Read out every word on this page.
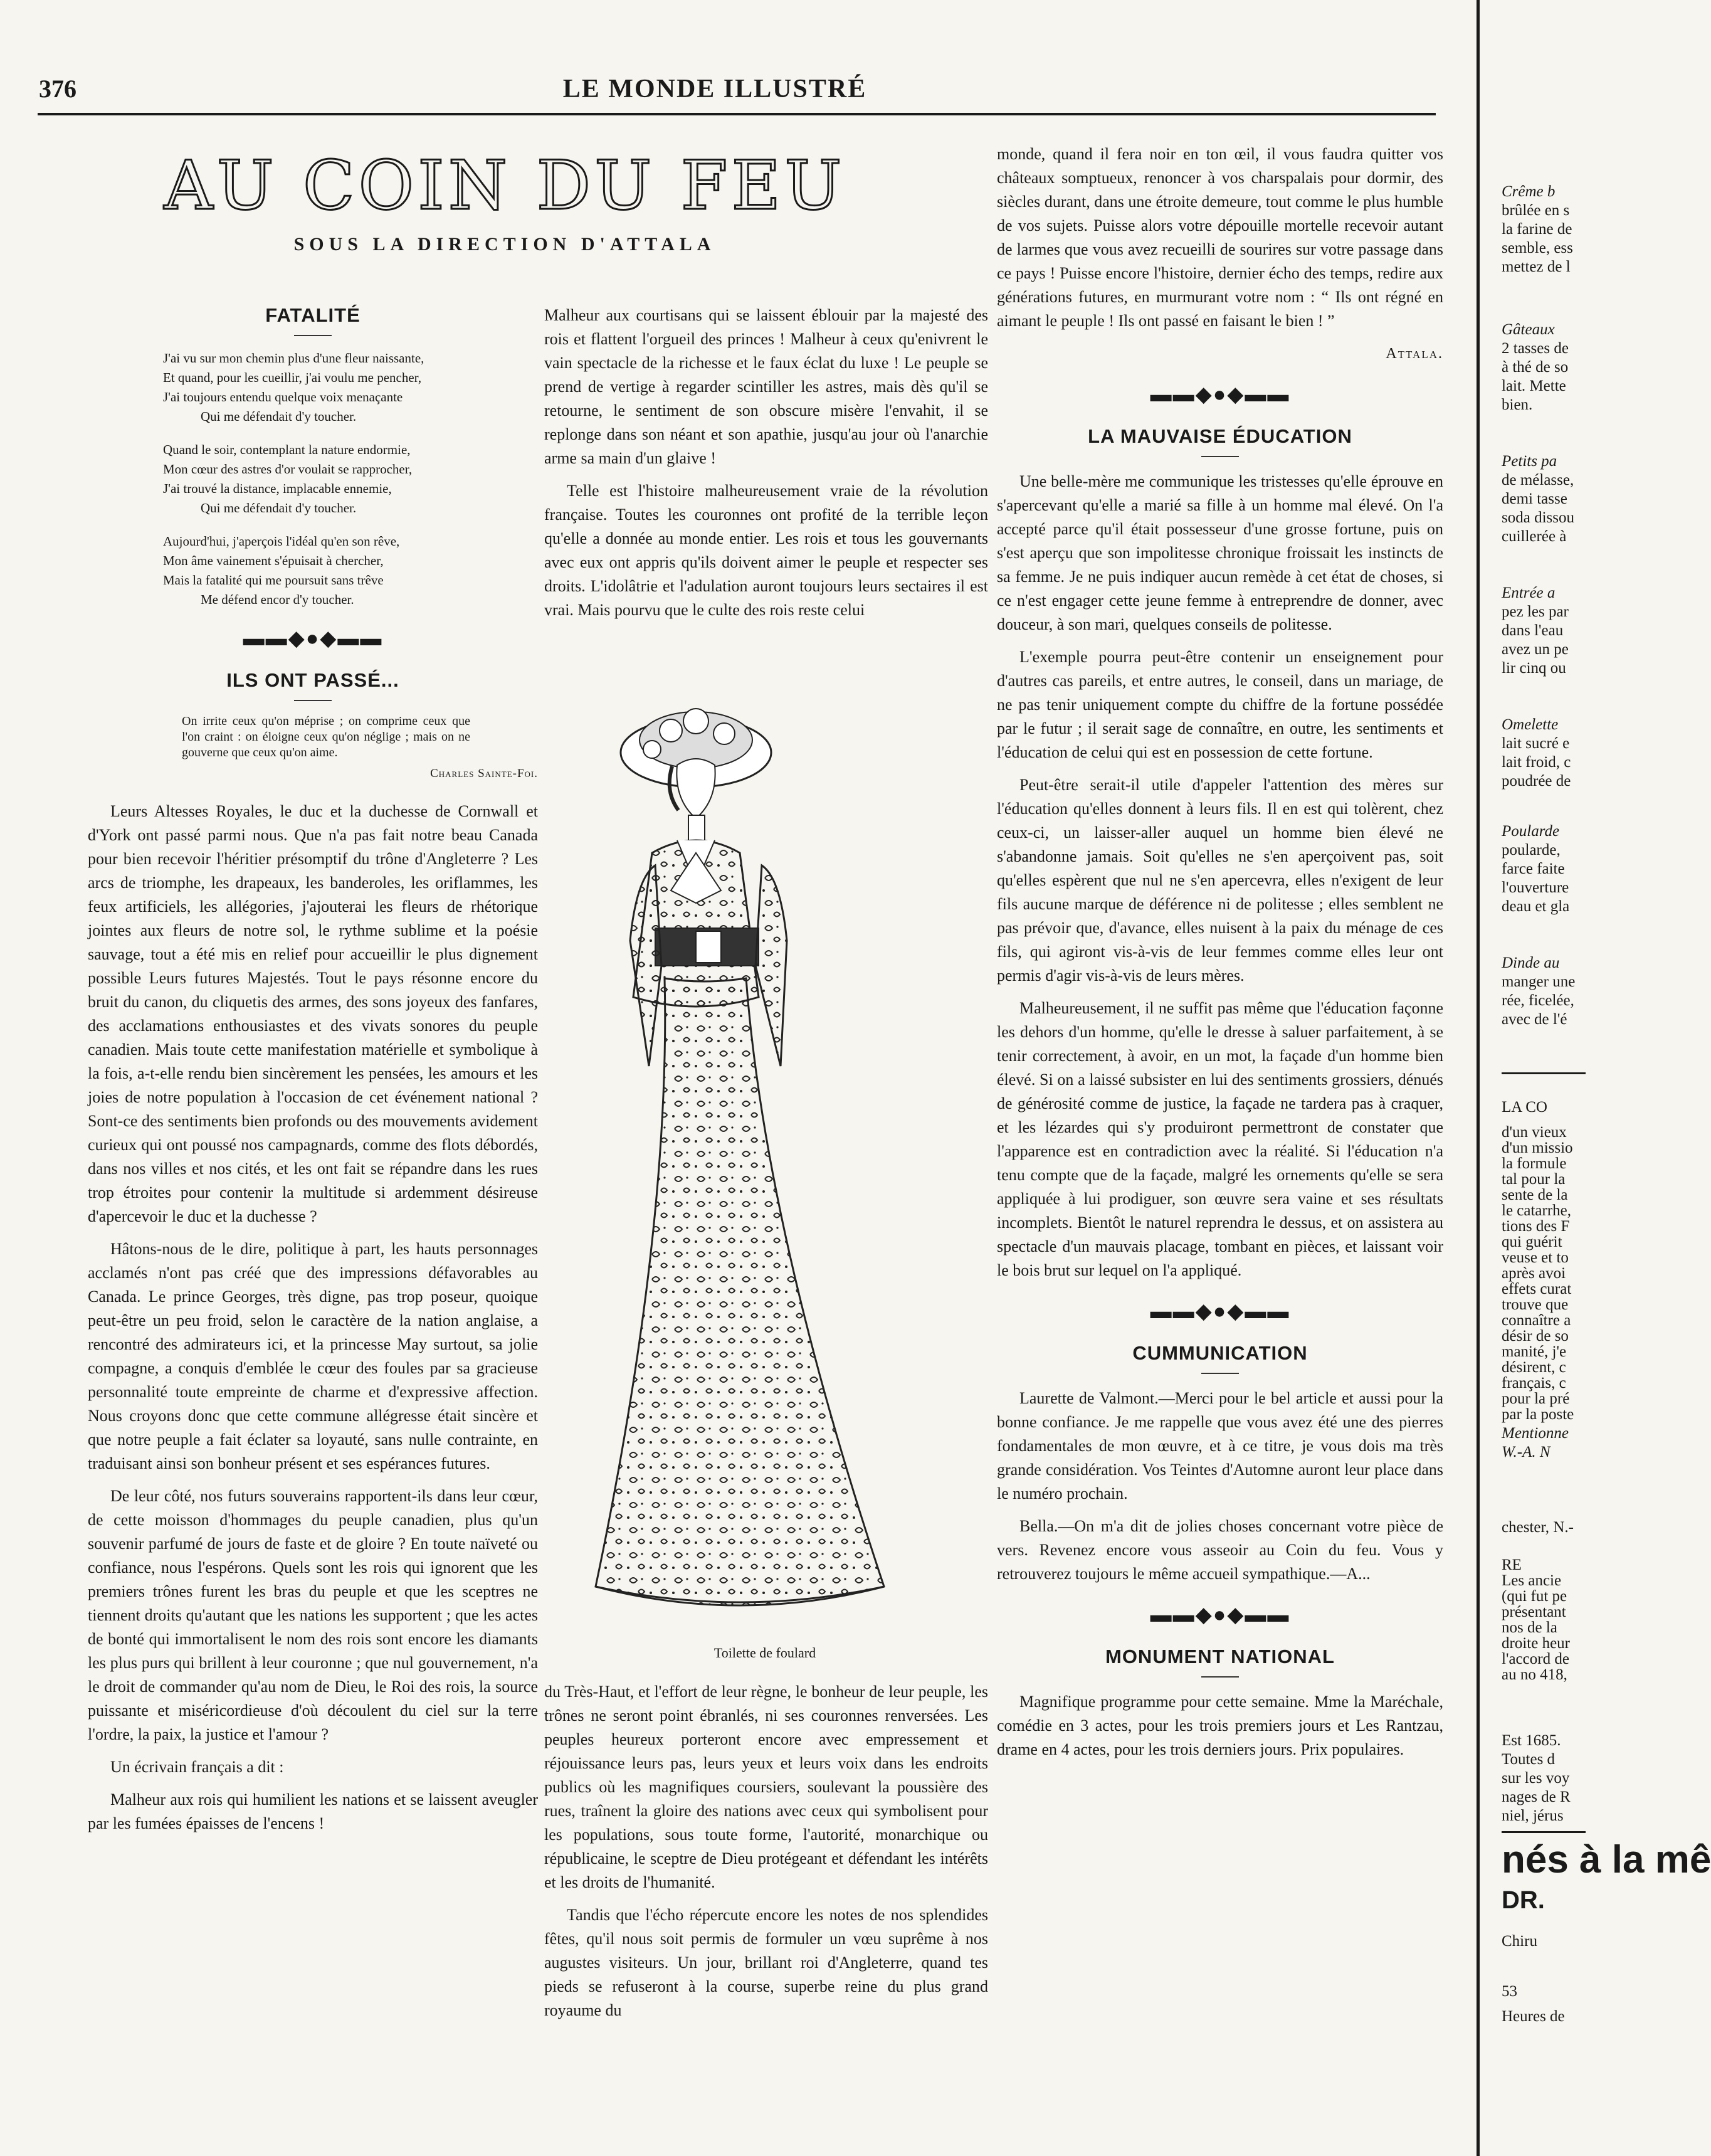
376	LE MONDE ILLUSTRÉ
AU COIN DU FEU
SOUS LA DIRECTION D'ATTALA
FATALITÉ
J'ai vu sur mon chemin plus d'une fleur naissante,
Et quand, pour les cueillir, j'ai voulu me pencher,
J'ai toujours entendu quelque voix menaçante
Qui me défendait d'y toucher.
Quand le soir, contemplant la nature endormie,
Mon cœur des astres d'or voulait se rapprocher,
J'ai trouvé la distance, implacable ennemie,
Qui me défendait d'y toucher.
Aujourd'hui, j'aperçois l'idéal qu'en son rêve,
Mon âme vainement s'épuisait à chercher,
Mais la fatalité qui me poursuit sans trêve
Me défend encor d'y toucher.
▬▬◆●◆▬▬
ILS ONT PASSÉ...
On irrite ceux qu'on méprise ; on comprime ceux que l'on craint : on éloigne ceux qu'on néglige ; mais on ne gouverne que ceux qu'on aime.
Charles Sainte-Foi.

Leurs Altesses Royales, le duc et la duchesse de Cornwall et d'York ont passé parmi nous. Que n'a pas fait notre beau Canada pour bien recevoir l'héritier présomptif du trône d'Angleterre ? Les arcs de triomphe, les drapeaux, les banderoles, les oriflammes, les feux artificiels, les allégories, j'ajouterai les fleurs de rhétorique jointes aux fleurs de notre sol, le rythme sublime et la poésie sauvage, tout a été mis en relief pour accueillir le plus dignement possible Leurs futures Majestés. Tout le pays résonne encore du bruit du canon, du cliquetis des armes, des sons joyeux des fanfares, des acclamations enthousiastes et des vivats sonores du peuple canadien. Mais toute cette manifestation matérielle et symbolique à la fois, a-t-elle rendu bien sincèrement les pensées, les amours et les joies de notre population à l'occasion de cet événement national ? Sont-ce des sentiments bien profonds ou des mouvements avidement curieux qui ont poussé nos campagnards, comme des flots débordés, dans nos villes et nos cités, et les ont fait se répandre dans les rues trop étroites pour contenir la multitude si ardemment désireuse d'apercevoir le duc et la duchesse ?

Hâtons-nous de le dire, politique à part, les hauts personnages acclamés n'ont pas créé que des impressions défavorables au Canada. Le prince Georges, très digne, pas trop poseur, quoique peut-être un peu froid, selon le caractère de la nation anglaise, a rencontré des admirateurs ici, et la princesse May surtout, sa jolie compagne, a conquis d'emblée le cœur des foules par sa gracieuse personnalité toute empreinte de charme et d'expressive affection. Nous croyons donc que cette commune allégresse était sincère et que notre peuple a fait éclater sa loyauté, sans nulle contrainte, en traduisant ainsi son bonheur présent et ses espérances futures.

De leur côté, nos futurs souverains rapportent-ils dans leur cœur, de cette moisson d'hommages du peuple canadien, plus qu'un souvenir parfumé de jours de faste et de gloire ? En toute naïveté ou confiance, nous l'espérons. Quels sont les rois qui ignorent que les premiers trônes furent les bras du peuple et que les sceptres ne tiennent droits qu'autant que les nations les supportent ; que les actes de bonté qui immortalisent le nom des rois sont encore les diamants les plus purs qui brillent à leur couronne ; que nul gouvernement, n'a le droit de commander qu'au nom de Dieu, le Roi des rois, la source puissante et miséricordieuse d'où découlent du ciel sur la terre l'ordre, la paix, la justice et l'amour ?

Un écrivain français a dit :

Malheur aux rois qui humilient les nations et se laissent aveugler par les fumées épaisses de l'encens !

Malheur aux courtisans qui se laissent éblouir par la majesté des rois et flattent l'orgueil des princes ! Malheur à ceux qu'enivrent le vain spectacle de la richesse et le faux éclat du luxe ! Le peuple se prend de vertige à regarder scintiller les astres, mais dès qu'il se retourne, le sentiment de son obscure misère l'envahit, il se replonge dans son néant et son apathie, jusqu'au jour où l'anarchie arme sa main d'un glaive !

Telle est l'histoire malheureusement vraie de la révolution française. Toutes les couronnes ont profité de la terrible leçon qu'elle a donnée au monde entier. Les rois et tous les gouvernants avec eux ont appris qu'ils doivent aimer le peuple et respecter ses droits. L'idolâtrie et l'adulation auront toujours leurs sectaires il est vrai. Mais pourvu que le culte des rois reste celui

Toilette de foulard

du Très-Haut, et l'effort de leur règne, le bonheur de leur peuple, les trônes ne seront point ébranlés, ni ses couronnes renversées. Les peuples heureux porteront encore avec empressement et réjouissance leurs pas, leurs yeux et leurs voix dans les endroits publics où les magnifiques coursiers, soulevant la poussière des rues, traînent la gloire des nations avec ceux qui symbolisent pour les populations, sous toute forme, l'autorité, monarchique ou républicaine, le sceptre de Dieu protégeant et défendant les intérêts et les droits de l'humanité.

Tandis que l'écho répercute encore les notes de nos splendides fêtes, qu'il nous soit permis de formuler un vœu suprême à nos augustes visiteurs. Un jour, brillant roi d'Angleterre, quand tes pieds se refuseront à la course, superbe reine du plus grand royaume du

monde, quand il fera noir en ton œil, il vous faudra quitter vos châteaux somptueux, renoncer à vos charspalais pour dormir, des siècles durant, dans une étroite demeure, tout comme le plus humble de vos sujets. Puisse alors votre dépouille mortelle recevoir autant de larmes que vous avez recueilli de sourires sur votre passage dans ce pays ! Puisse encore l'histoire, dernier écho des temps, redire aux générations futures, en murmurant votre nom : “ Ils ont régné en aimant le peuple ! Ils ont passé en faisant le bien ! ”

Attala.
▬▬◆●◆▬▬
LA MAUVAISE ÉDUCATION

Une belle-mère me communique les tristesses qu'elle éprouve en s'apercevant qu'elle a marié sa fille à un homme mal élevé. On l'a accepté parce qu'il était possesseur d'une grosse fortune, puis on s'est aperçu que son impolitesse chronique froissait les instincts de sa femme. Je ne puis indiquer aucun remède à cet état de choses, si ce n'est engager cette jeune femme à entreprendre de donner, avec douceur, à son mari, quelques conseils de politesse.

L'exemple pourra peut-être contenir un enseignement pour d'autres cas pareils, et entre autres, le conseil, dans un mariage, de ne pas tenir uniquement compte du chiffre de la fortune possédée par le futur ; il serait sage de connaître, en outre, les sentiments et l'éducation de celui qui est en possession de cette fortune.

Peut-être serait-il utile d'appeler l'attention des mères sur l'éducation qu'elles donnent à leurs fils. Il en est qui tolèrent, chez ceux-ci, un laisser-aller auquel un homme bien élevé ne s'abandonne jamais. Soit qu'elles ne s'en aperçoivent pas, soit qu'elles espèrent que nul ne s'en apercevra, elles n'exigent de leur fils aucune marque de déférence ni de politesse ; elles semblent ne pas prévoir que, d'avance, elles nuisent à la paix du ménage de ces fils, qui agiront vis-à-vis de leur femmes comme elles leur ont permis d'agir vis-à-vis de leurs mères.

Malheureusement, il ne suffit pas même que l'éducation façonne les dehors d'un homme, qu'elle le dresse à saluer parfaitement, à se tenir correctement, à avoir, en un mot, la façade d'un homme bien élevé. Si on a laissé subsister en lui des sentiments grossiers, dénués de générosité comme de justice, la façade ne tardera pas à craquer, et les lézardes qui s'y produiront permettront de constater que l'apparence est en contradiction avec la réalité. Si l'éducation n'a tenu compte que de la façade, malgré les ornements qu'elle se sera appliquée à lui prodiguer, son œuvre sera vaine et ses résultats incomplets. Bientôt le naturel reprendra le dessus, et on assistera au spectacle d'un mauvais placage, tombant en pièces, et laissant voir le bois brut sur lequel on l'a appliqué.

▬▬◆●◆▬▬
CUMMUNICATION

Laurette de Valmont.—Merci pour le bel article et aussi pour la bonne confiance. Je me rappelle que vous avez été une des pierres fondamentales de mon œuvre, et à ce titre, je vous dois ma très grande considération. Vos Teintes d'Automne auront leur place dans le numéro prochain.

Bella.—On m'a dit de jolies choses concernant votre pièce de vers. Revenez encore vous asseoir au Coin du feu. Vous y retrouverez toujours le même accueil sympathique.—A...

▬▬◆●◆▬▬
MONUMENT NATIONAL

Magnifique programme pour cette semaine. Mme la Maréchale, comédie en 3 actes, pour les trois premiers jours et Les Rantzau, drame en 4 actes, pour les trois derniers jours. Prix populaires.

Crême b
brûlée en s
la farine de
semble, ess
mettez de l
Gâteaux
2 tasses de
à thé de so
lait. Mette
bien.
Petits pa
de mélasse,
demi tasse
soda dissou
cuillerée à
Entrée a
pez les par
dans l'eau
avez un pe
lir cinq ou
Omelette
lait sucré e
lait froid, c
poudrée de
Poularde
poularde,
farce faite
l'ouverture
deau et gla
Dinde au
manger une
rée, ficelée,
avec de l'é
LA CO
d'un vieux
d'un missio
la formule
tal pour la
sente de la
le catarrhe,
tions des F
qui guérit
veuse et to
après avoi
effets curat
trouve que
connaître a
désir de so
manité, j'e
désirent, c
français, c
pour la pré
par la poste
Mentionne
W.-A. N
chester, N.-
RE
Les ancie
(qui fut pe
présentant
nos de la
droite heur
l'accord de
au no 418,
Est 1685.
Toutes d
sur les voy
nages de R
niel, jérus
nés à la mê
DR.
Chiru
53
Heures de
